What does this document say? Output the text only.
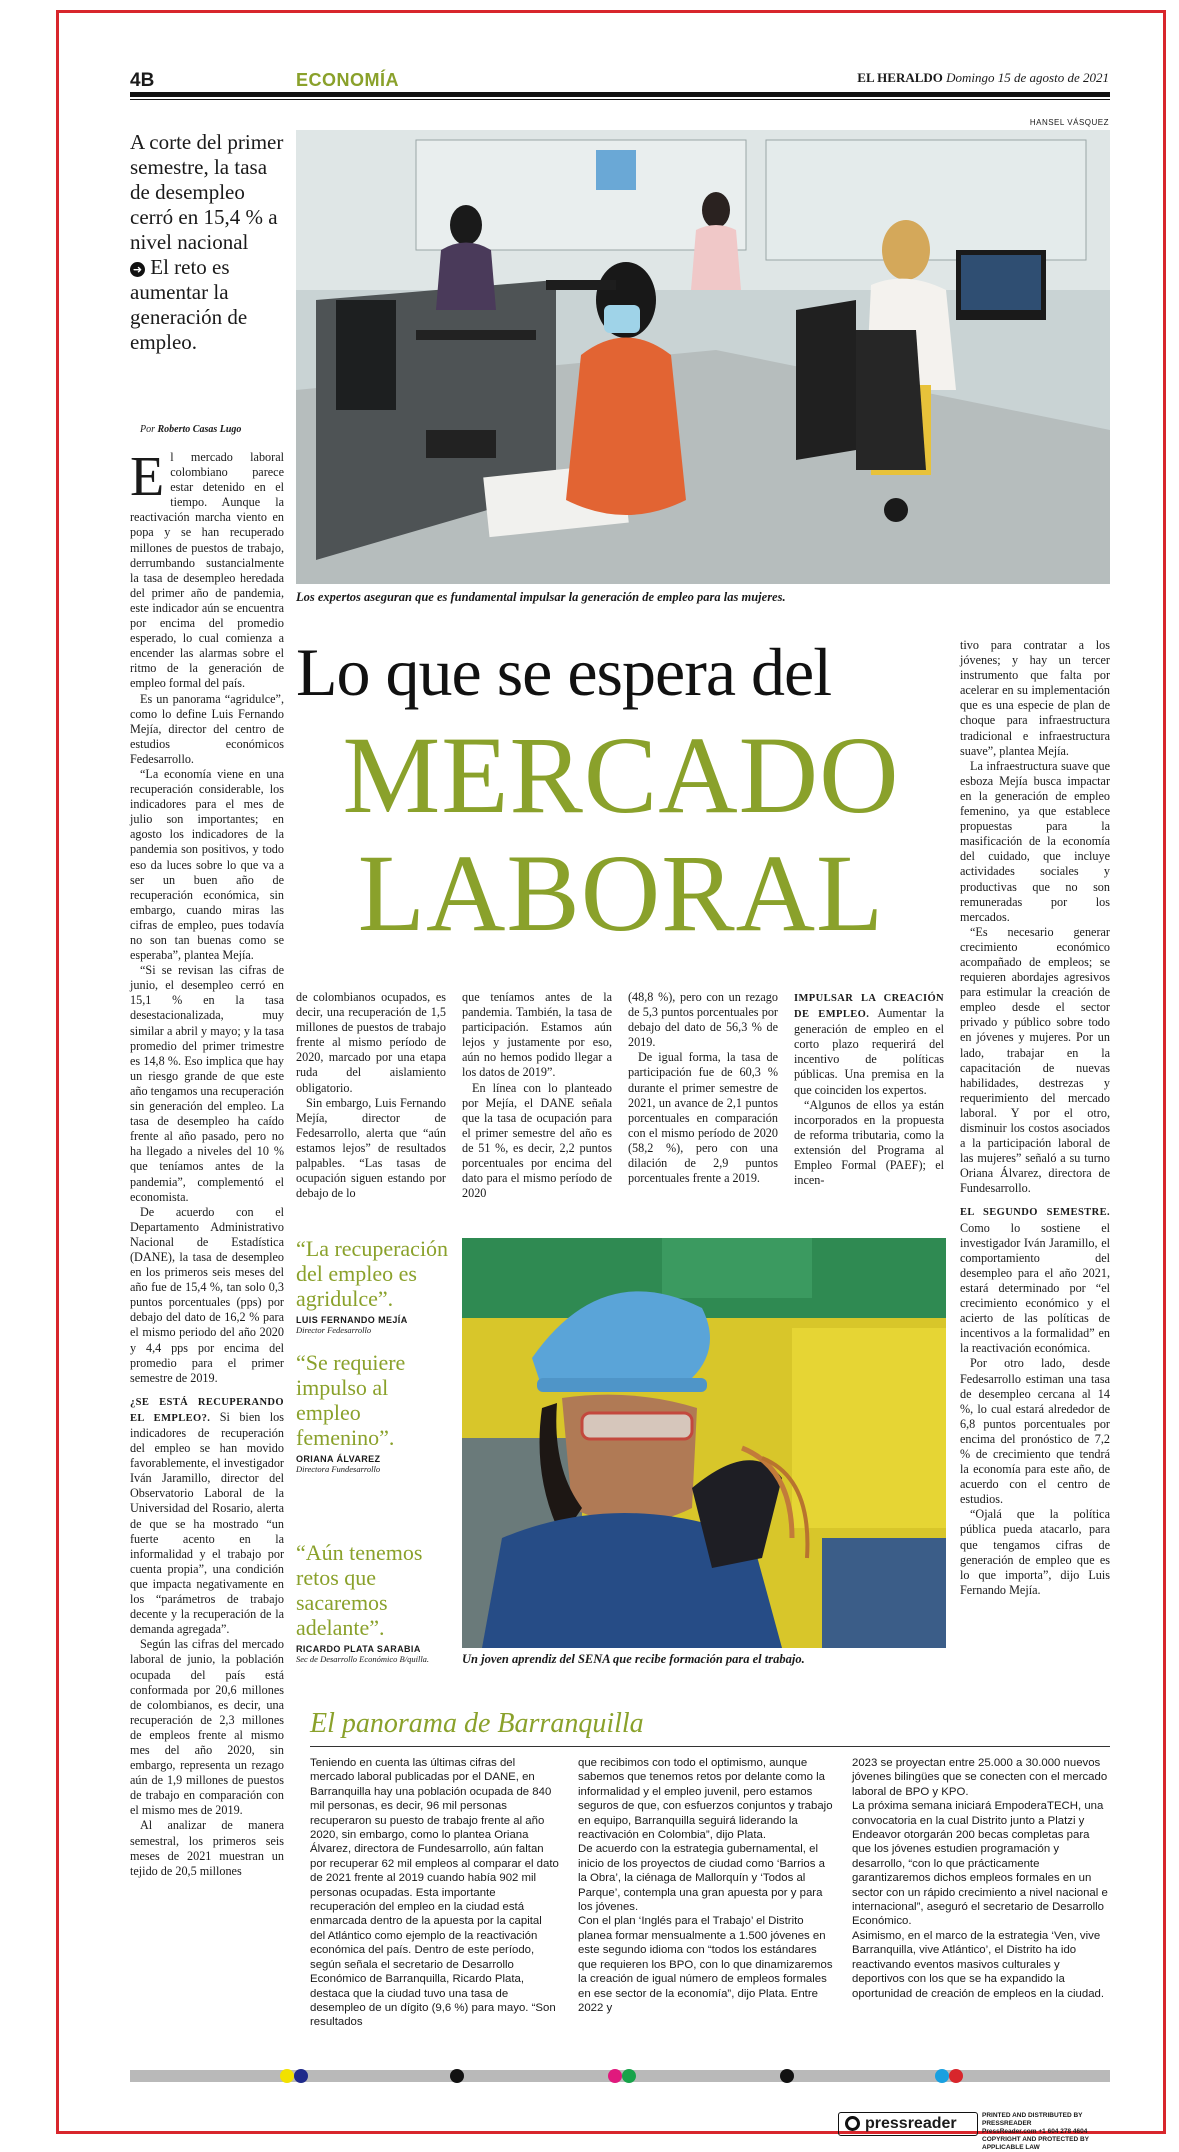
4B	ECONOMÍA	EL HERALDO Domingo 15 de agosto de 2021
HANSEL VÁSQUEZ
A corte del primer semestre, la tasa de desempleo cerró en 15,4 % a nivel nacional
➜ El reto es aumentar la generación de empleo.
Por Roberto Casas Lugo
Los expertos aseguran que es fundamental impulsar la generación de empleo para las mujeres.
Lo que se espera del
MERCADO
LABORAL

El mercado laboral colombiano parece estar detenido en el tiempo. Aunque la reactivación marcha viento en popa y se han recuperado millones de puestos de trabajo, derrumbando sustancialmente la tasa de desempleo heredada del primer año de pandemia, este indicador aún se encuentra por encima del promedio esperado, lo cual comienza a encender las alarmas sobre el ritmo de la generación de empleo formal del país.

Es un panorama “agridulce”, como lo define Luis Fernando Mejía, director del centro de estudios económicos Fedesarrollo.

“La economía viene en una recuperación considerable, los indicadores para el mes de julio son importantes; en agosto los indicadores de la pandemia son positivos, y todo eso da luces sobre lo que va a ser un buen año de recuperación económica, sin embargo, cuando miras las cifras de empleo, pues todavía no son tan buenas como se esperaba”, planteа Mejía.

“Si se revisan las cifras de junio, el desempleo cerró en 15,1 % en la tasa desestacionalizada, muy similar a abril y mayo; y la tasa promedio del primer trimestre es 14,8 %. Eso implica que hay un riesgo grande de que este año tengamos una recuperación sin generación del empleo. La tasa de desempleo ha caído frente al año pasado, pero no ha llegado a niveles del 10 % que teníamos antes de la pandemia”, complementó el economista.

De acuerdo con el Departamento Administrativo Nacional de Estadística (DANE), la tasa de desempleo en los primeros seis meses del año fue de 15,4 %, tan solo 0,3 puntos porcentuales (pps) por debajo del dato de 16,2 % para el mismo periodo del año 2020 y 4,4 pps por encima del promedio para el primer semestre de 2019.

¿SE ESTÁ RECUPERANDO EL EMPLEO?. Si bien los indicadores de recuperación del empleo se han movido favorablemente, el investigador Iván Jaramillo, director del Observatorio Laboral de la Universidad del Rosario, alerta de que se ha mostrado “un fuerte acento en la informalidad y el trabajo por cuenta propia”, una condición que impacta negativamente en los “parámetros de trabajo decente y la recuperación de la demanda agregada”.

Según las cifras del mercado laboral de junio, la población ocupada del país está conformada por 20,6 millones de colombianos, es decir, una recuperación de 2,3 millones de empleos frente al mismo mes del año 2020, sin embargo, representa un rezago aún de 1,9 millones de puestos de trabajo en comparación con el mismo mes de 2019.

Al analizar de manera semestral, los primeros seis meses de 2021 muestran un tejido de 20,5 millones

de colombianos ocupados, es decir, una recuperación de 1,5 millones de puestos de trabajo frente al mismo período de 2020, marcado por una etapa ruda del aislamiento obligatorio.

Sin embargo, Luis Fernando Mejía, director de Fedesarrollo, alerta que “aún estamos lejos” de resultados palpables. “Las tasas de ocupación siguen estando por debajo de lo

que teníamos antes de la pandemia. También, la tasa de participación. Estamos aún lejos y justamente por eso, aún no hemos podido llegar a los datos de 2019”.

En línea con lo planteado por Mejía, el DANE señala que la tasa de ocupación para el primer semestre del año es de 51 %, es decir, 2,2 puntos porcentuales por encima del dato para el mismo período de 2020

(48,8 %), pero con un rezago de 5,3 puntos porcentuales por debajo del dato de 56,3 % de 2019.

De igual forma, la tasa de participación fue de 60,3 % durante el primer semestre de 2021, un avance de 2,1 puntos porcentuales en comparación con el mismo período de 2020 (58,2 %), pero con una dilación de 2,9 puntos porcentuales frente a 2019.

IMPULSAR LA CREACIÓN DE EMPLEO. Aumentar la generación de empleo en el corto plazo requerirá del incentivo de políticas públicas. Una premisa en la que coinciden los expertos.

“Algunos de ellos ya están incorporados en la propuesta de reforma tributaria, como la extensión del Programa al Empleo Formal (PAEF); el incen-

tivo para contratar a los jóvenes; y hay un tercer instrumento que falta por acelerar en su implementación que es una especie de plan de choque para infraestructura tradicional e infraestructura suave”, plantea Mejía.

La infraestructura suave que esboza Mejía busca impactar en la generación de empleo femenino, ya que establece propuestas para la masificación de la economía del cuidado, que incluye actividades sociales y productivas que no son remuneradas por los mercados.

“Es necesario generar crecimiento económico acompañado de empleos; se requieren abordajes agresivos para estimular la creación de empleo desde el sector privado y público sobre todo en jóvenes y mujeres. Por un lado, trabajar en la capacitación de nuevas habilidades, destrezas y requerimiento del mercado laboral. Y por el otro, disminuir los costos asociados a la participación laboral de las mujeres” señaló a su turno Oriana Álvarez, directora de Fundesarrollo.

EL SEGUNDO SEMESTRE. Como lo sostiene el investigador Iván Jaramillo, el comportamiento del desempleo para el año 2021, estará determinado por “el crecimiento económico y el acierto de las políticas de incentivos a la formalidad” en la reactivación económica.

Por otro lado, desde Fedesarrollo estiman una tasa de desempleo cercana al 14 %, lo cual estará alrededor de 6,8 puntos porcentuales por encima del pronóstico de 7,2 % de crecimiento que tendrá la economía para este año, de acuerdo con el centro de estudios.

“Ojalá que la política pública pueda atacarlo, para que tengamos cifras de generación de empleo que es lo que importa”, dijo Luis Fernando Mejía.

“La recuperación del empleo es agridulce”.
LUIS FERNANDO MEJÍA
Director Fedesarrollo
“Se requiere impulso al empleo femenino”.
ORIANA ÁLVAREZ
Directora Fundesarrollo
“Aún tenemos retos que sacaremos adelante”.
RICARDO PLATA SARABIA
Sec de Desarrollo Económico B/quilla.	Un joven aprendiz del SENA que recibe formación para el trabajo.
El panorama de Barranquilla

Teniendo en cuenta las últimas cifras del mercado laboral publicadas por el DANE, en Barranquilla hay una población ocupada de 840 mil personas, es decir, 96 mil personas recuperaron su puesto de trabajo frente al año 2020, sin embargo, como lo plantea Oriana Álvarez, directora de Fundesarrollo, aún faltan por recuperar 62 mil empleos al comparar el dato de 2021 frente al 2019 cuando había 902 mil personas ocupadas. Esta importante recuperación del empleo en la ciudad está enmarcada dentro de la apuesta por la capital del Atlántico como ejemplo de la reactivación económica del país. Dentro de este período, según señala el secretario de Desarrollo Económico de Barranquilla, Ricardo Plata, destaca que la ciudad tuvo una tasa de desempleo de un dígito (9,6 %) para mayo. “Son resultados

que recibimos con todo el optimismo, aunque sabemos que tenemos retos por delante como la informalidad y el empleo juvenil, pero estamos seguros de que, con esfuerzos conjuntos y trabajo en equipo, Barranquilla seguirá liderando la reactivación en Colombia”, dijo Plata.

De acuerdo con la estrategia gubernamental, el inicio de los proyectos de ciudad como ‘Barrios a la Obra’, la ciénaga de Mallorquín y ‘Todos al Parque’, contempla una gran apuesta por y para los jóvenes.

Con el plan ‘Inglés para el Trabajo’ el Distrito planea formar mensualmente a 1.500 jóvenes en este segundo idioma con “todos los estándares que requieren los BPO, con lo que dinamizaremos la creación de igual número de empleos formales en ese sector de la economía”, dijo Plata. Entre 2022 y

2023 se proyectan entre 25.000 a 30.000 nuevos jóvenes bilingües que se conecten con el mercado laboral de BPO y KPO.

La próxima semana iniciará EmpoderaTECH, una convocatoria en la cual Distrito junto a Platzi y Endeavor otorgarán 200 becas completas para que los jóvenes estudien programación y desarrollo, “con lo que prácticamente garantizaremos dichos empleos formales en un sector con un rápido crecimiento a nivel nacional e internacional”, aseguró el secretario de Desarrollo Económico.

Asimismo, en el marco de la estrategia ‘Ven, vive Barranquilla, vive Atlántico’, el Distrito ha ido reactivando eventos masivos culturales y deportivos con los que se ha expandido la oportunidad de creación de empleos en la ciudad.

pressreader	PRINTED AND DISTRIBUTED BY PRESSREADER
PressReader.com +1 604 278 4604
COPYRIGHT AND PROTECTED BY APPLICABLE LAW
